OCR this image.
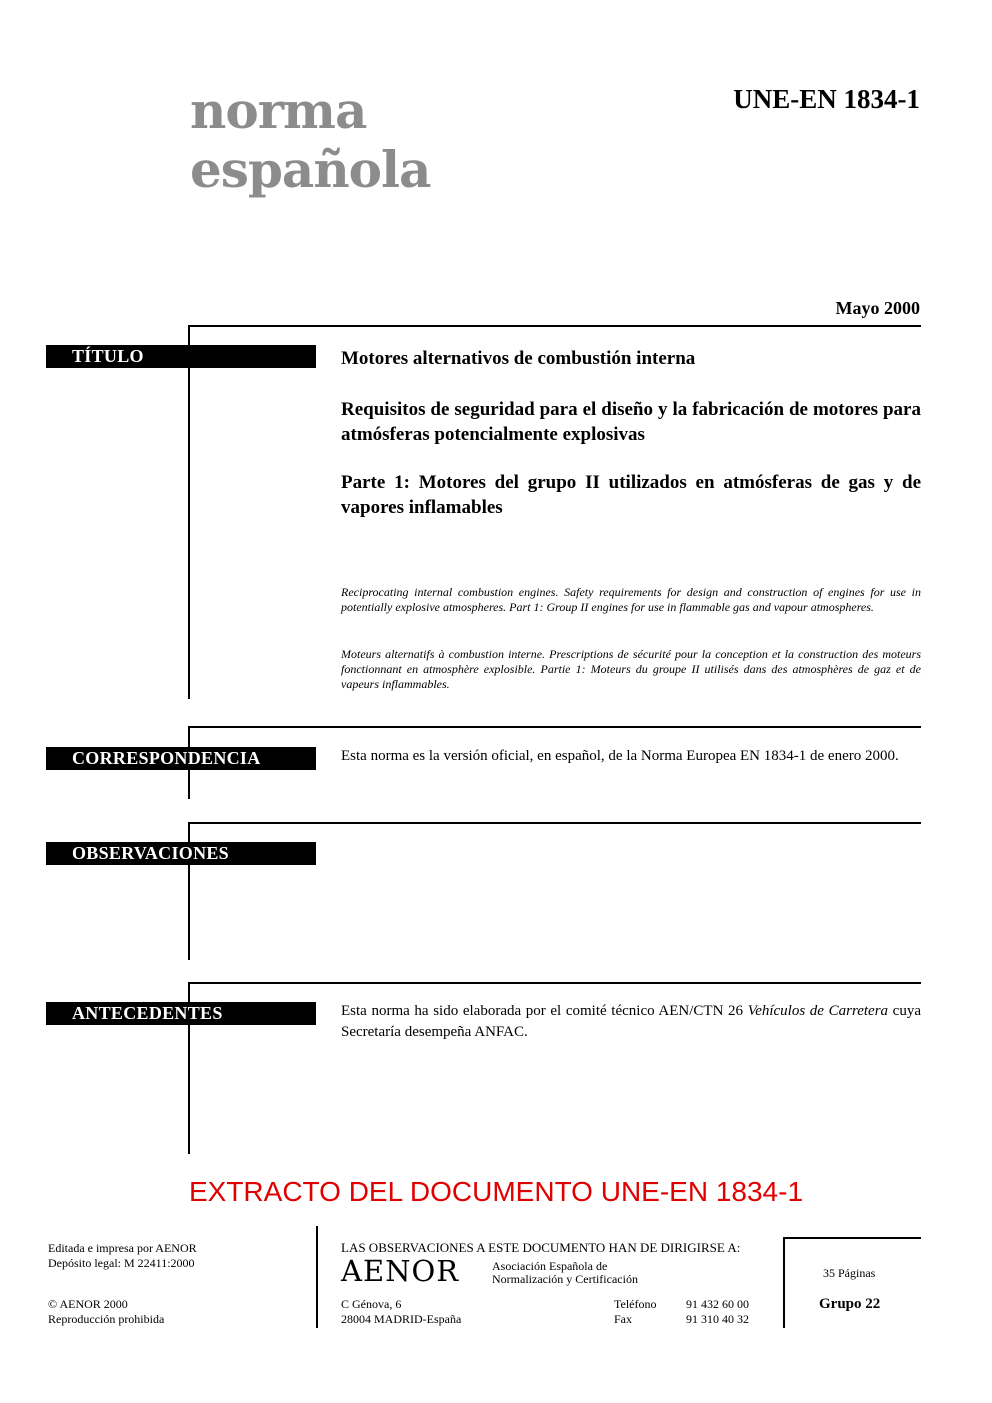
norma
española
UNE-EN 1834-1
Mayo 2000
TÍTULO	Motores alternativos de combustión interna
Requisitos de seguridad para el diseño y la fabricación de motores para atmósferas potencialmente explosivas
Parte 1: Motores del grupo II utilizados en atmósferas de gas y de vapores inflamables
Reciprocating internal combustion engines. Safety requirements for design and construction of engines for use in potentially explosive atmospheres. Part 1: Group II engines for use in flammable gas and vapour atmospheres.
Moteurs alternatifs à combustion interne. Prescriptions de sécurité pour la conception et la construction des moteurs fonctionnant en atmosphère explosible. Partie 1: Moteurs du groupe II utilisés dans des atmosphères de gaz et de vapeurs inflammables.
CORRESPONDENCIA	Esta norma es la versión oficial, en español, de la Norma Europea EN 1834-1 de enero 2000.
OBSERVACIONES
ANTECEDENTES	Esta norma ha sido elaborada por el comité técnico AEN/CTN 26 Vehículos de Carretera cuya Secretaría desempeña ANFAC.
EXTRACTO DEL DOCUMENTO UNE-EN 1834-1
Editada e impresa por AENOR
Depósito legal: M 22411:2000
© AENOR 2000
Reproducción prohibida
LAS OBSERVACIONES A ESTE DOCUMENTO HAN DE DIRIGIRSE A:
AENOR	Asociación Española de
Normalización y Certificación
C Génova, 6
28004 MADRID-España
Teléfono 91 432 60 00
Fax	91 310 40 32
35 Páginas
Grupo 22
